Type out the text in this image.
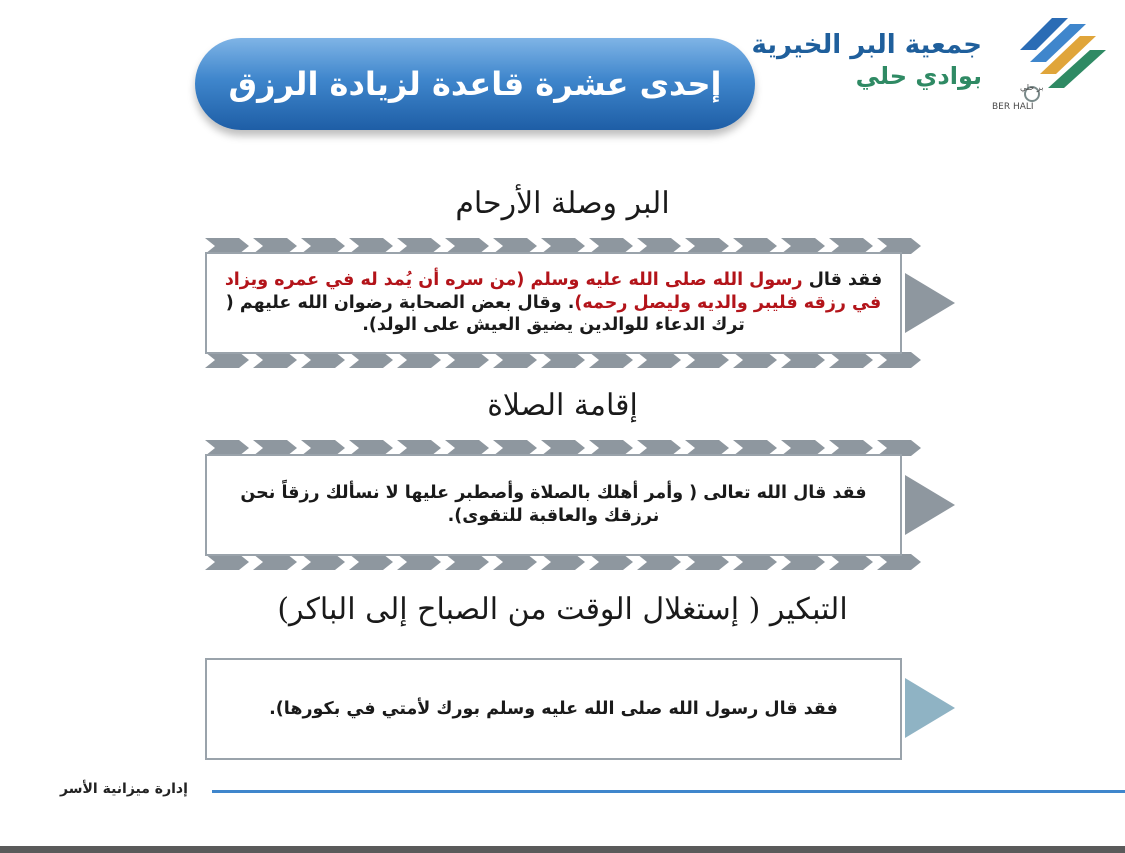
إحدى عشرة قاعدة لزيادة الرزق
جمعية البر الخيرية
بوادي حلي	بر حلي
BER HALI
البر وصلة الأرحام
فقد قال رسول الله صلى الله عليه وسلم (من سره أن يُمد له في عمره ويزاد في رزقه فليبر والديه وليصل رحمه). وقال بعض الصحابة رضوان الله عليهم ( ترك الدعاء للوالدين يضيق العيش على الولد).
إقامة الصلاة
فقد قال الله تعالى ( وأمر أهلك بالصلاة وأصطبر عليها لا نسألك رزقاً نحن نرزقك والعاقبة للتقوى).
التبكير ( إستغلال الوقت من الصباح إلى الباكر)
فقد قال رسول الله صلى الله عليه وسلم بورك لأمتي في بكورها).
إدارة ميزانية الأسر
